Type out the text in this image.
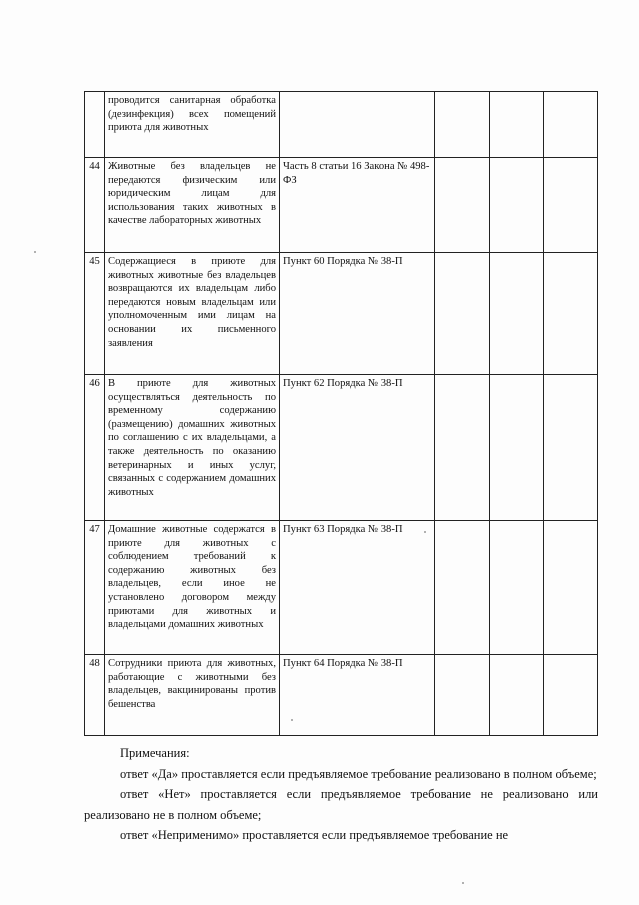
	проводится санитарная обработка (дезинфекция) всех помещений приюта для животных				
44	Животные без владельцев не передаются физическим или юридическим лицам для использования таких животных в качестве лабораторных животных	Часть 8 статьи 16 Закона № 498-ФЗ			
45	Содержащиеся в приюте для животных животные без владельцев возвращаются их владельцам либо передаются новым владельцам или уполномоченным ими лицам на основании их письменного заявления	Пункт 60 Порядка № 38-П			
46	В приюте для животных осуществляться деятельность по временному содержанию (размещению) домашних животных по соглашению с их владельцами, а также деятельность по оказанию ветеринарных и иных услуг, связанных с содержанием домашних животных	Пункт 62 Порядка № 38-П			
47	Домашние животные содержатся в приюте для животных с соблюдением требований к содержанию животных без владельцев, если иное не установлено договором между приютами для животных и владельцами домашних животных	Пункт 63 Порядка № 38-П			
48	Сотрудники приюта для животных, работающие с животными без владельцев, вакцинированы против бешенства	Пункт 64 Порядка № 38-П			
Примечания:
ответ «Да» проставляется если предъявляемое требование реализовано в полном объеме;
ответ «Нет» проставляется если предъявляемое требование не реализовано или реализовано не в полном объеме;
ответ «Неприменимо» проставляется если предъявляемое требование не
